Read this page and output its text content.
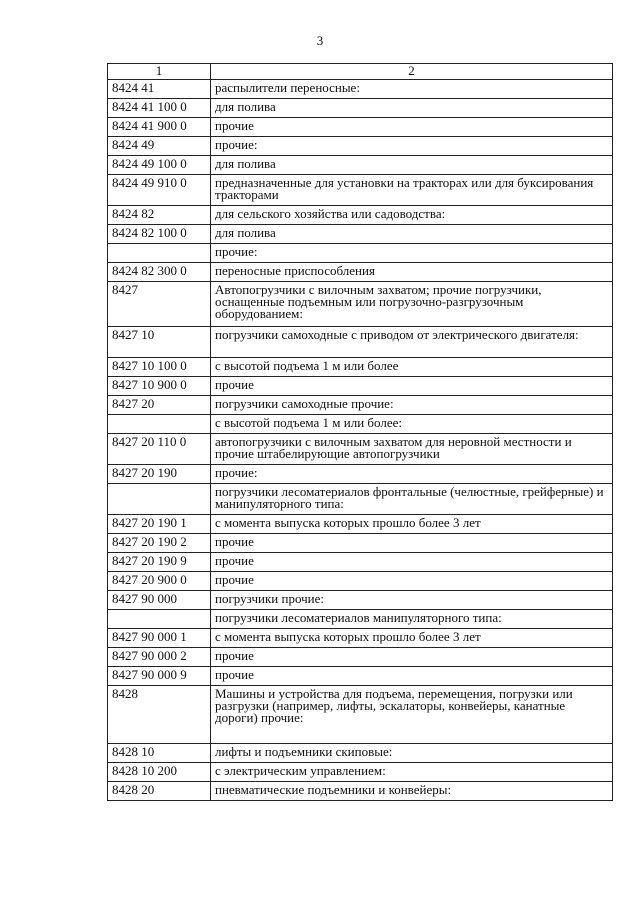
3
1	2
8424 41	распылители переносные:
8424 41 100 0	для полива
8424 41 900 0	прочие
8424 49	прочие:
8424 49 100 0	для полива
8424 49 910 0	предназначенные для установки на тракторах или для буксирования тракторами
8424 82	для сельского хозяйства или садоводства:
8424 82 100 0	для полива
	прочие:
8424 82 300 0	переносные приспособления
8427	Автопогрузчики с вилочным захватом; прочие погрузчики, оснащенные подъемным или погрузочно-разгрузочным оборудованием:
8427 10	погрузчики самоходные с приводом от электрического двигателя:
8427 10 100 0	с высотой подъема 1 м или более
8427 10 900 0	прочие
8427 20	погрузчики самоходные прочие:
	с высотой подъема 1 м или более:
8427 20 110 0	автопогрузчики с вилочным захватом для неровной местности и прочие штабелирующие автопогрузчики
8427 20 190	прочие:
	погрузчики лесоматериалов фронтальные (челюстные, грейферные) и манипуляторного типа:
8427 20 190 1	с момента выпуска которых прошло более 3 лет
8427 20 190 2	прочие
8427 20 190 9	прочие
8427 20 900 0	прочие
8427 90 000	погрузчики прочие:
	погрузчики лесоматериалов манипуляторного типа:
8427 90 000 1	с момента выпуска которых прошло более 3 лет
8427 90 000 2	прочие
8427 90 000 9	прочие
8428	Машины и устройства для подъема, перемещения, погрузки или разгрузки (например, лифты, эскалаторы, конвейеры, канатные дороги) прочие:
8428 10	лифты и подъемники скиповые:
8428 10 200	с электрическим управлением:
8428 20	пневматические подъемники и конвейеры:
